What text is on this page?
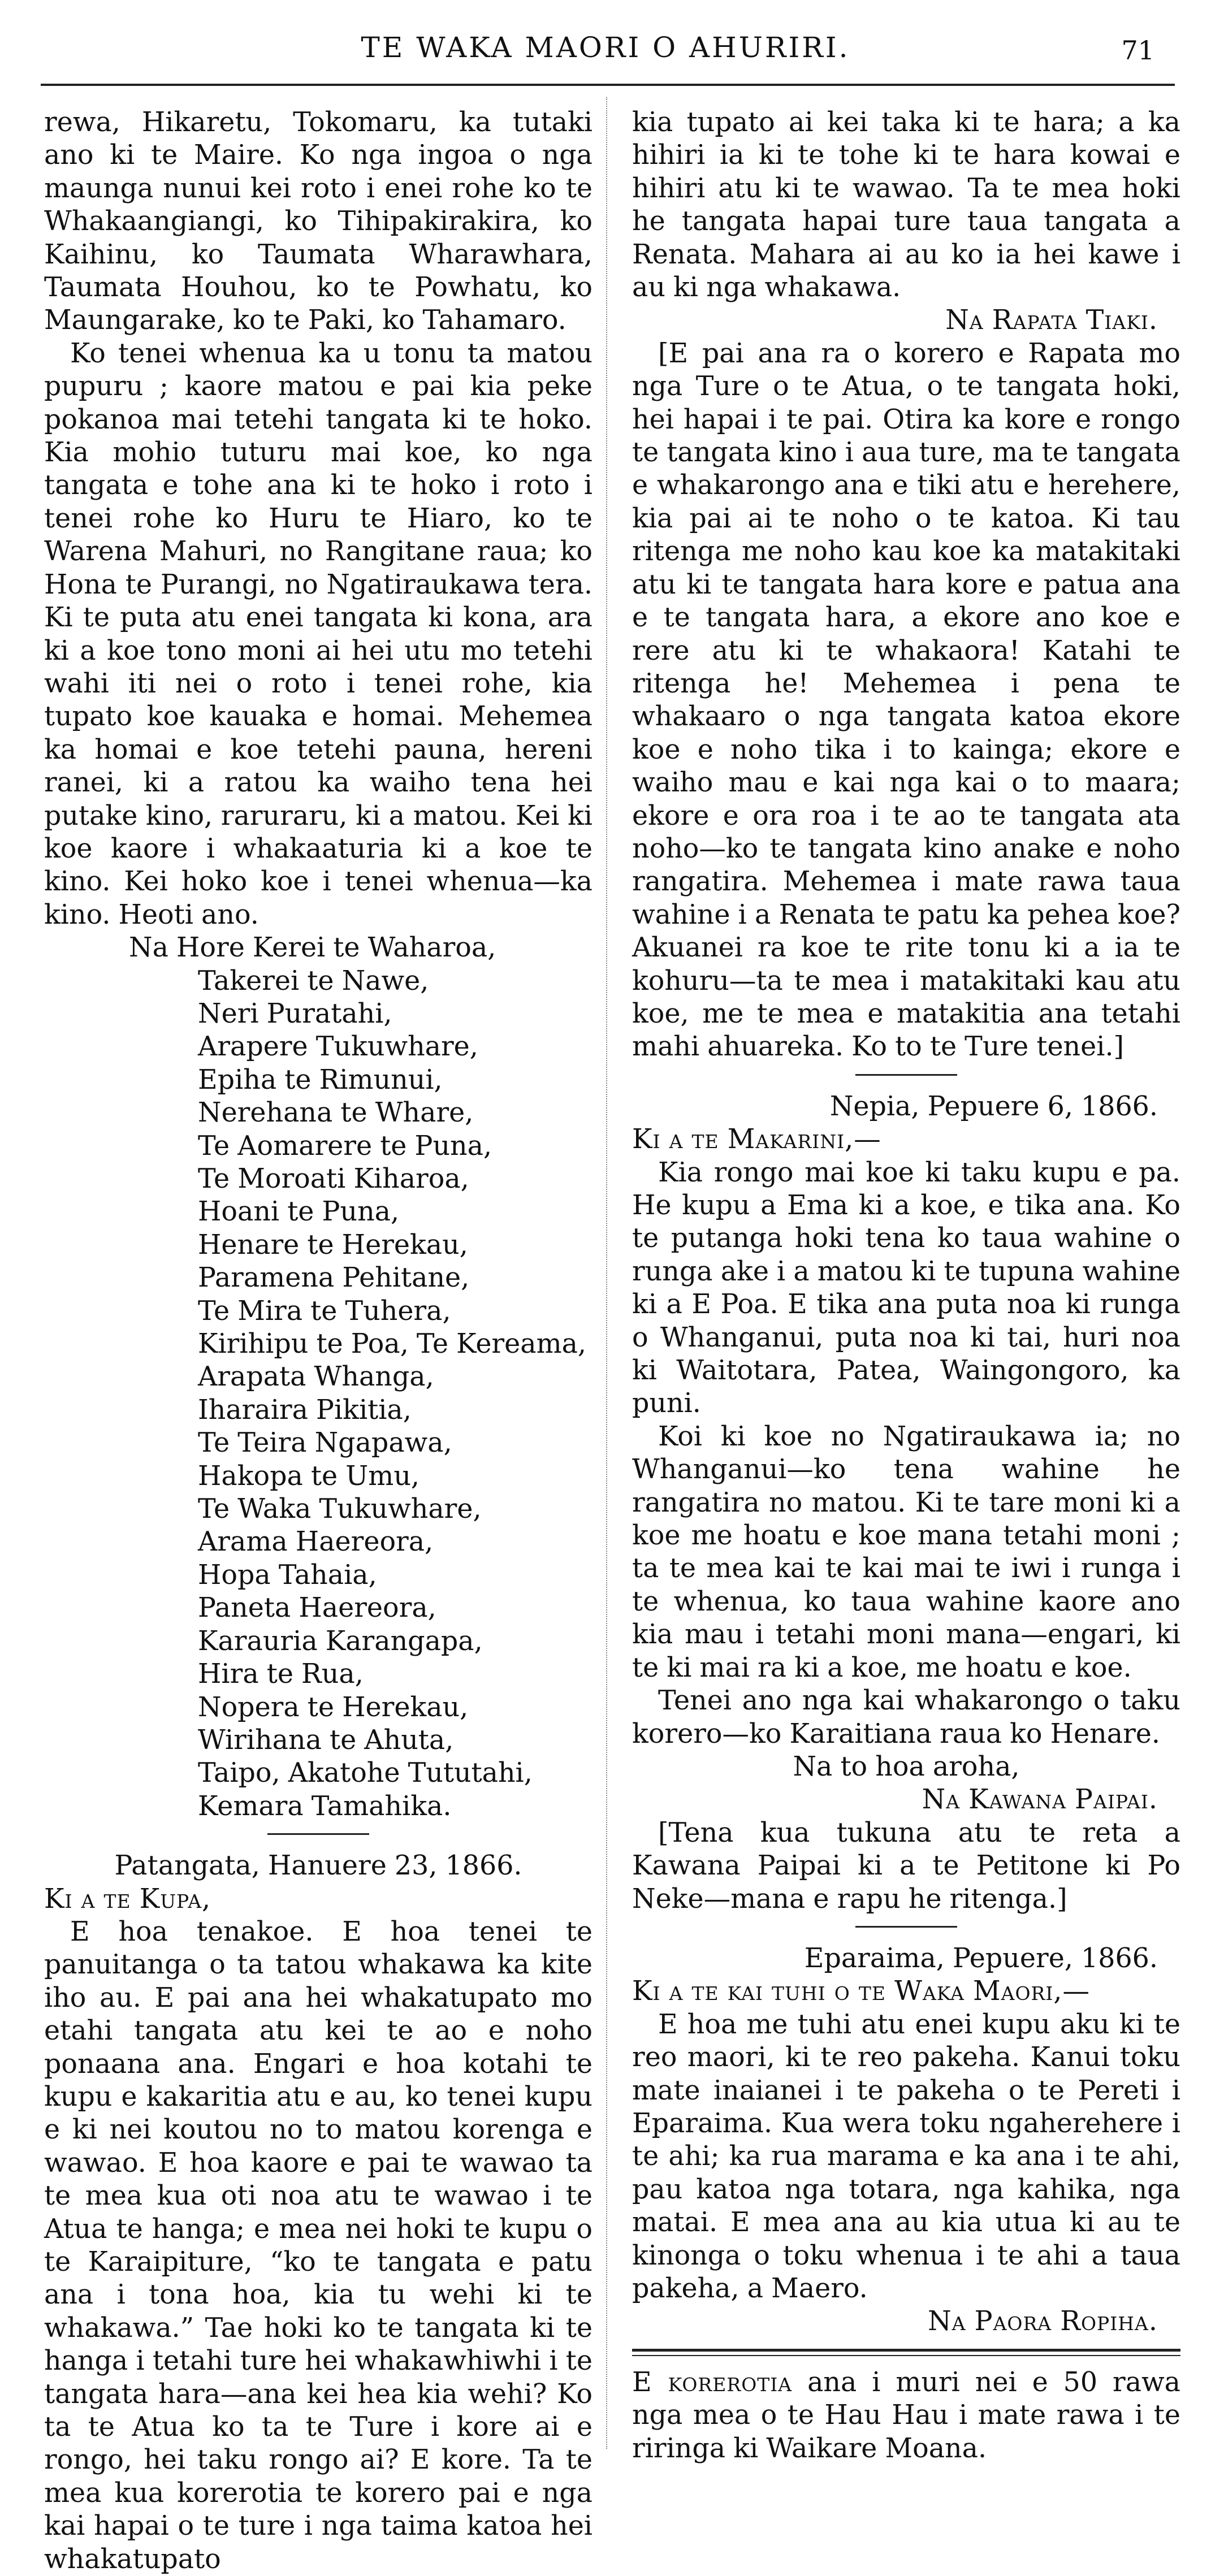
TE WAKA MAORI O AHURIRI.	71

rewa, Hikaretu, Tokomaru, ka tutaki ano ki te Maire. Ko nga ingoa o nga maunga nunui kei roto i enei rohe ko te Whakaangiangi, ko Tihipakirakira, ko Kaihinu, ko Taumata Wharawhara, Taumata Houhou, ko te Powhatu, ko Maungarake, ko te Paki, ko Tahamaro.

Ko tenei whenua ka u tonu ta matou pupuru ; kaore matou e pai kia peke pokanoa mai tetehi tangata ki te hoko. Kia mohio tuturu mai koe, ko nga tangata e tohe ana ki te hoko i roto i tenei rohe ko Huru te Hiaro, ko te Warena Mahuri, no Rangitane raua; ko Hona te Purangi, no Ngatiraukawa tera. Ki te puta atu enei tangata ki kona, ara ki a koe tono moni ai hei utu mo tetehi wahi iti nei o roto i tenei rohe, kia tupato koe kauaka e homai. Mehemea ka homai e koe tetehi pauna, hereni ranei, ki a ratou ka waiho tena hei putake kino, raruraru, ki a matou. Kei ki koe kaore i whakaaturia ki a koe te kino. Kei hoko koe i tenei whenua—ka kino. Heoti ano.

Na Hore Kerei te Waharoa,
Takerei te Nawe,
Neri Puratahi,
Arapere Tukuwhare,
Epiha te Rimunui,
Nerehana te Whare,
Te Aomarere te Puna,
Te Moroati Kiharoa,
Hoani te Puna,
Henare te Herekau,
Paramena Pehitane,
Te Mira te Tuhera,
Kirihipu te Poa, Te Kereama,
Arapata Whanga,
Iharaira Pikitia,
Te Teira Ngapawa,
Hakopa te Umu,
Te Waka Tukuwhare,
Arama Haereora,
Hopa Tahaia,
Paneta Haereora,
Karauria Karangapa,
Hira te Rua,
Nopera te Herekau,
Wirihana te Ahuta,
Taipo, Akatohe Tututahi,
Kemara Tamahika.
Patangata, Hanuere 23, 1866.
Ki a te Kupa,

E hoa tenakoe. E hoa tenei te panuitanga o ta tatou whakawa ka kite iho au. E pai ana hei whakatupato mo etahi tangata atu kei te ao e noho ponaana ana. Engari e hoa kotahi te kupu e kakaritia atu e au, ko tenei kupu e ki nei koutou no to matou korenga e wawao. E hoa kaore e pai te wawao ta te mea kua oti noa atu te wawao i te Atua te hanga; e mea nei hoki te kupu o te Karaipiture, “ko te tangata e patu ana i tona hoa, kia tu wehi ki te whakawa.” Tae hoki ko te tangata ki te hanga i tetahi ture hei whakawhiwhi i te tangata hara—ana kei hea kia wehi? Ko ta te Atua ko ta te Ture i kore ai e rongo, hei taku rongo ai? E kore. Ta te mea kua korerotia te korero pai e nga kai hapai o te ture i nga taima katoa hei whakatupato

kia tupato ai kei taka ki te hara; a ka hihiri ia ki te tohe ki te hara kowai e hihiri atu ki te wawao. Ta te mea hoki he tangata hapai ture taua tangata a Renata. Mahara ai au ko ia hei kawe i au ki nga whakawa.

Na Rapata Tiaki.

[E pai ana ra o korero e Rapata mo nga Ture o te Atua, o te tangata hoki, hei hapai i te pai. Otira ka kore e rongo te tangata kino i aua ture, ma te tangata e whakarongo ana e tiki atu e herehere, kia pai ai te noho o te katoa. Ki tau ritenga me noho kau koe ka matakitaki atu ki te tangata hara kore e patua ana e te tangata hara, a ekore ano koe e rere atu ki te whakaora! Katahi te ritenga he! Mehemea i pena te whakaaro o nga tangata katoa ekore koe e noho tika i to kainga; ekore e waiho mau e kai nga kai o to maara; ekore e ora roa i te ao te tangata ata noho—ko te tangata kino anake e noho rangatira. Mehemea i mate rawa taua wahine i a Renata te patu ka pehea koe? Akuanei ra koe te rite tonu ki a ia te kohuru—ta te mea i matakitaki kau atu koe, me te mea e matakitia ana tetahi mahi ahuareka. Ko to te Ture tenei.]

Nepia, Pepuere 6, 1866.
Ki a te Makarini,—

Kia rongo mai koe ki taku kupu e pa. He kupu a Ema ki a koe, e tika ana. Ko te putanga hoki tena ko taua wahine o runga ake i a matou ki te tupuna wahine ki a E Poa. E tika ana puta noa ki runga o Whanganui, puta noa ki tai, huri noa ki Waitotara, Patea, Waingongoro, ka puni.

Koi ki koe no Ngatiraukawa ia; no Whanganui—ko tena wahine he rangatira no matou. Ki te tare moni ki a koe me hoatu e koe mana tetahi moni ; ta te mea kai te kai mai te iwi i runga i te whenua, ko taua wahine kaore ano kia mau i tetahi moni mana—engari, ki te ki mai ra ki a koe, me hoatu e koe.

Tenei ano nga kai whakarongo o taku korero—ko Karaitiana raua ko Henare.

Na to hoa aroha,
Na Kawana Paipai.

[Tena kua tukuna atu te reta a Kawana Paipai ki a te Petitone ki Po Neke—mana e rapu he ritenga.]

Eparaima, Pepuere, 1866.
Ki a te kai tuhi o te Waka Maori,—

E hoa me tuhi atu enei kupu aku ki te reo maori, ki te reo pakeha. Kanui toku mate inaianei i te pakeha o te Pereti i Eparaima. Kua wera toku ngaherehere i te ahi; ka rua marama e ka ana i te ahi, pau katoa nga totara, nga kahika, nga matai. E mea ana au kia utua ki au te kinonga o toku whenua i te ahi a taua pakeha, a Maero.

Na Paora Ropiha.

E korerotia ana i muri nei e 50 rawa nga mea o te Hau Hau i mate rawa i te riringa ki Waikare Moana.
